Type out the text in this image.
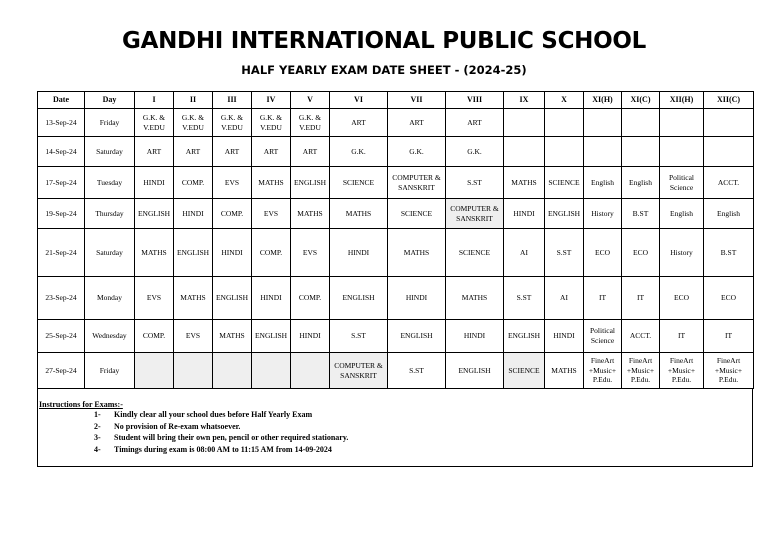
GANDHI INTERNATIONAL PUBLIC SCHOOL
HALF YEARLY EXAM DATE SHEET - (2024-25)
Date	Day	I	II	III	IV	V	VI	VII	VIII	IX	X	XI(H)	XI(C)	XII(H)	XII(C)
13-Sep-24	Friday	G.K. & V.EDU	G.K. & V.EDU	G.K. & V.EDU	G.K. & V.EDU	G.K. & V.EDU	ART	ART	ART						
14-Sep-24	Saturday	ART	ART	ART	ART	ART	G.K.	G.K.	G.K.						
17-Sep-24	Tuesday	HINDI	COMP.	EVS	MATHS	ENGLISH	SCIENCE	COMPUTER & SANSKRIT	S.ST	MATHS	SCIENCE	English	English	Political Science	ACCT.
19-Sep-24	Thursday	ENGLISH	HINDI	COMP.	EVS	MATHS	MATHS	SCIENCE	COMPUTER & SANSKRIT	HINDI	ENGLISH	History	B.ST	English	English
21-Sep-24	Saturday	MATHS	ENGLISH	HINDI	COMP.	EVS	HINDI	MATHS	SCIENCE	AI	S.ST	ECO	ECO	History	B.ST
23-Sep-24	Monday	EVS	MATHS	ENGLISH	HINDI	COMP.	ENGLISH	HINDI	MATHS	S.ST	AI	IT	IT	ECO	ECO
25-Sep-24	Wednesday	COMP.	EVS	MATHS	ENGLISH	HINDI	S.ST	ENGLISH	HINDI	ENGLISH	HINDI	Political Science	ACCT.	IT	IT
27-Sep-24	Friday						COMPUTER & SANSKRIT	S.ST	ENGLISH	SCIENCE	MATHS	FineArt +Music+ P.Edu.	FineArt +Music+ P.Edu.	FineArt +Music+ P.Edu.	FineArt +Music+ P.Edu.
Instructions for Exams:-
1- Kindly clear all your school dues before Half Yearly Exam
2- No provision of Re-exam whatsoever.
3- Student will bring their own pen, pencil or other required stationary.
4- Timings during exam is 08:00 AM to 11:15 AM from 14-09-2024
